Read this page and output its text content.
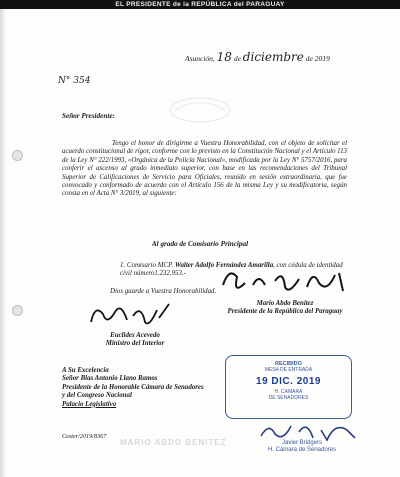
EL PRESIDENTE de la REPÚBLICA del PARAGUAY
Asunción, 18 de diciembre de 2019
N° 354
Señor Presidente:

Tengo el honor de dirigirme a Vuestra Honorabilidad, con el objeto de solicitar el acuerdo constitucional de rigor, conforme con lo previsto en la Constitución Nacional y el Artículo 113 de la Ley N° 222/1993, «Orgánica de la Policía Nacional», modificada por la Ley N° 5757/2016, para conferir el ascenso al grado inmediato superior, con base en las recomendaciones del Tribunal Superior de Calificaciones de Servicio para Oficiales, reunido en sesión extraordinaria, que fue convocado y conformado de acuerdo con el Artículo 156 de la misma Ley y su modificatoria, según consta en el Acta N° 3/2019, al siguiente:

Al grado de Comisario Principal
1. Comisario MCP. Walter Adolfo Fernández Amarilla, con cédula de identidad civil número1.232.953.-
Dios guarde a Vuestra Honorabilidad.
Mario Abdo Benítez
Presidente de la República del Paraguay
Euclides Acevedo
Ministro del Interior
A Su Excelencia
Señor Blas Antonio Llano Ramos
Presidente de la Honorable Cámara de Senadores
y del Congreso Nacional
Palacio Legislativo
Cester/2019/8367
MARIO ABDO BENITEZ
RECIBIDO
MESA DE ENTRADA
19 DIC. 2019
H. CAMARA
DE SENADORES
Javier Bridgers
H. Cámara de Senadores
